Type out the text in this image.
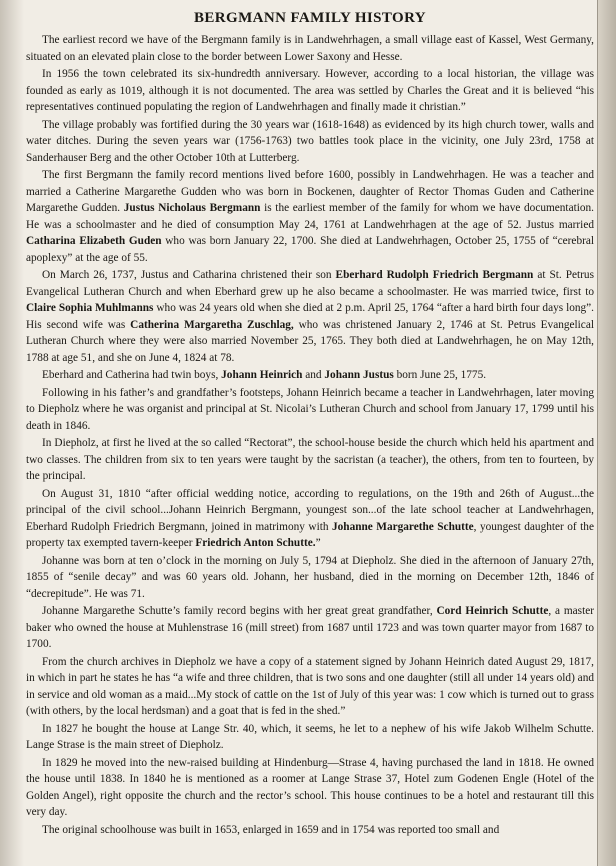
BERGMANN FAMILY HISTORY

The earliest record we have of the Bergmann family is in Landwehrhagen, a small village east of Kassel, West Germany, situated on an elevated plain close to the border between Lower Saxony and Hesse.

In 1956 the town celebrated its six-hundredth anniversary. However, according to a local historian, the village was founded as early as 1019, although it is not documented. The area was settled by Charles the Great and it is believed “his representatives continued populating the region of Landwehrhagen and finally made it christian.”

The village probably was fortified during the 30 years war (1618-1648) as evidenced by its high church tower, walls and water ditches. During the seven years war (1756-1763) two battles took place in the vicinity, one July 23rd, 1758 at Sanderhauser Berg and the other October 10th at Lutterberg.

The first Bergmann the family record mentions lived before 1600, possibly in Landwehrhagen. He was a teacher and married a Catherine Margarethe Gudden who was born in Bockenen, daughter of Rector Thomas Guden and Catherine Margarethe Gudden. Justus Nicholaus Bergmann is the earliest member of the family for whom we have documentation. He was a schoolmaster and he died of consumption May 24, 1761 at Landwehrhagen at the age of 52. Justus married Catharina Elizabeth Guden who was born January 22, 1700. She died at Landwehrhagen, October 25, 1755 of “cerebral apoplexy” at the age of 55.

On March 26, 1737, Justus and Catharina christened their son Eberhard Rudolph Friedrich Bergmann at St. Petrus Evangelical Lutheran Church and when Eberhard grew up he also became a schoolmaster. He was married twice, first to Claire Sophia Muhlmanns who was 24 years old when she died at 2 p.m. April 25, 1764 “after a hard birth four days long”. His second wife was Catherina Margaretha Zuschlag, who was christened January 2, 1746 at St. Petrus Evangelical Lutheran Church where they were also married November 25, 1765. They both died at Landwehrhagen, he on May 12th, 1788 at age 51, and she on June 4, 1824 at 78.

Eberhard and Catherina had twin boys, Johann Heinrich and Johann Justus born June 25, 1775.

Following in his father’s and grandfather’s footsteps, Johann Heinrich became a teacher in Landwehrhagen, later moving to Diepholz where he was organist and principal at St. Nicolai’s Lutheran Church and school from January 17, 1799 until his death in 1846.

In Diepholz, at first he lived at the so called “Rectorat”, the school-house beside the church which held his apartment and two classes. The children from six to ten years were taught by the sacristan (a teacher), the others, from ten to fourteen, by the principal.

On August 31, 1810 “after official wedding notice, according to regulations, on the 19th and 26th of August...the principal of the civil school...Johann Heinrich Bergmann, youngest son...of the late school teacher at Landwehrhagen, Eberhard Rudolph Friedrich Bergmann, joined in matrimony with Johanne Margarethe Schutte, youngest daughter of the property tax exempted tavern-keeper Friedrich Anton Schutte.”

Johanne was born at ten o’clock in the morning on July 5, 1794 at Diepholz. She died in the afternoon of January 27th, 1855 of “senile decay” and was 60 years old. Johann, her husband, died in the morning on December 12th, 1846 of “decrepitude”. He was 71.

Johanne Margarethe Schutte’s family record begins with her great great grandfather, Cord Heinrich Schutte, a master baker who owned the house at Muhlenstrase 16 (mill street) from 1687 until 1723 and was town quarter mayor from 1687 to 1700.

From the church archives in Diepholz we have a copy of a statement signed by Johann Heinrich dated August 29, 1817, in which in part he states he has “a wife and three children, that is two sons and one daughter (still all under 14 years old) and in service and old woman as a maid...My stock of cattle on the 1st of July of this year was: 1 cow which is turned out to grass (with others, by the local herdsman) and a goat that is fed in the shed.”

In 1827 he bought the house at Lange Str. 40, which, it seems, he let to a nephew of his wife Jakob Wilhelm Schutte. Lange Strase is the main street of Diepholz.

In 1829 he moved into the new-raised building at Hindenburg—Strase 4, having purchased the land in 1818. He owned the house until 1838. In 1840 he is mentioned as a roomer at Lange Strase 37, Hotel zum Godenen Engle (Hotel of the Golden Angel), right opposite the church and the rector’s school. This house continues to be a hotel and restaurant till this very day.

The original schoolhouse was built in 1653, enlarged in 1659 and in 1754 was reported too small and
